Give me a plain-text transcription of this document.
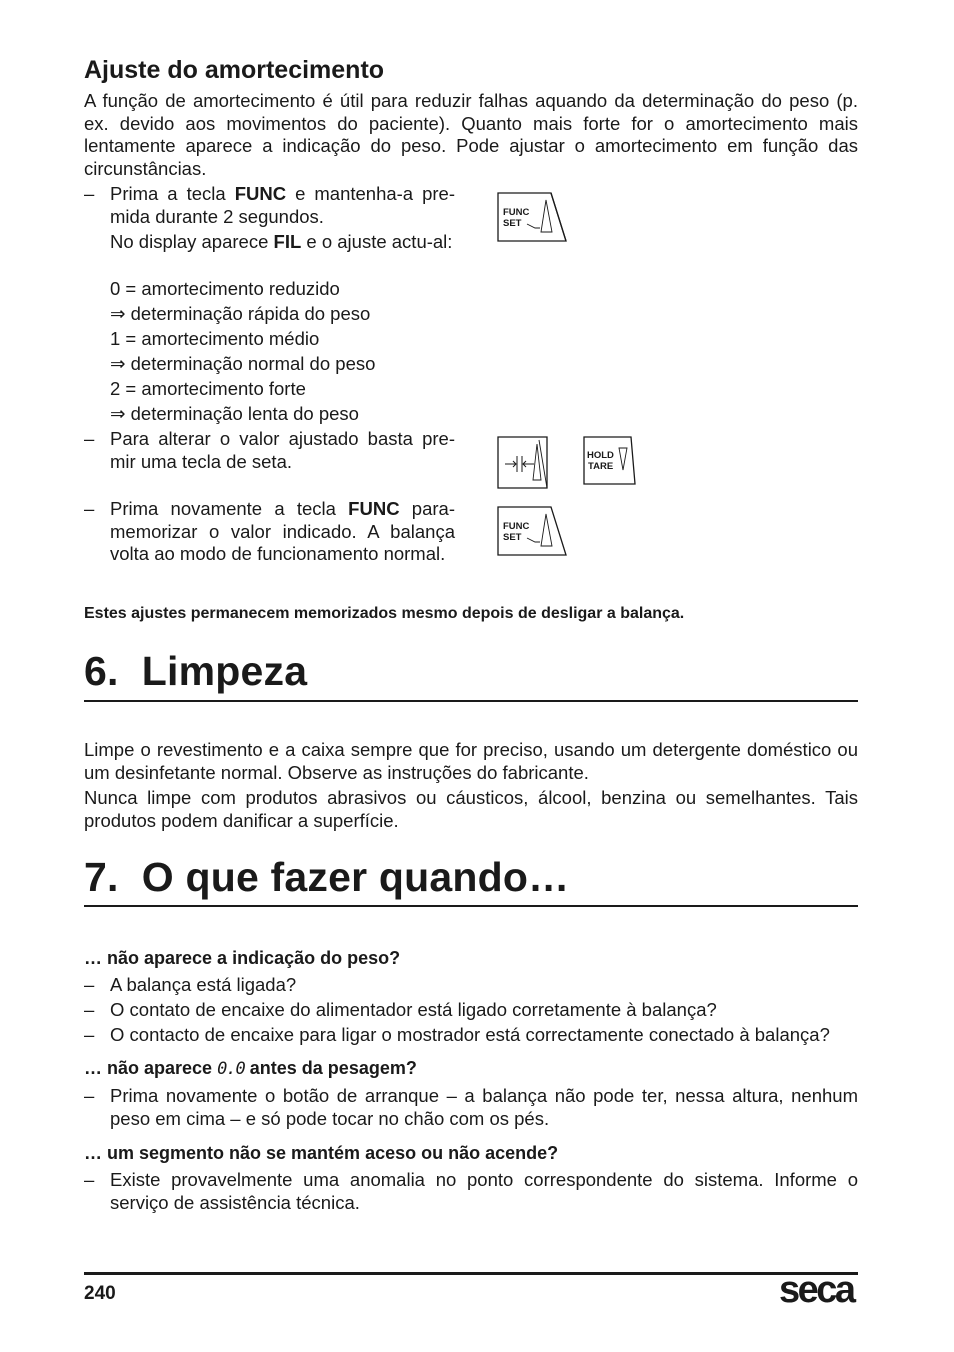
Ajuste do amortecimento
A função de amortecimento é útil para reduzir falhas aquando da determinação do peso (p. ex. devido aos movimentos do paciente). Quanto mais forte for o amortecimento mais lentamente aparece a indicação do peso. Pode ajustar o amortecimento em função das circunstâncias.
– Prima a tecla FUNC e mantenha-a pre-mida durante 2 segundos.
No display aparece FIL e o ajuste actu-al:
0 = amortecimento reduzido
⇒ determinação rápida do peso
1 = amortecimento médio
⇒ determinação normal do peso
2 = amortecimento forte
⇒ determinação lenta do peso
– Para alterar o valor ajustado basta pre-mir uma tecla de seta.
– Prima novamente a tecla FUNC para-memorizar o valor indicado. A balança volta ao modo de funcionamento normal.
FUNC
SET
HOLD
TARE
FUNC
SET
Estes ajustes permanecem memorizados mesmo depois de desligar a balança.
6.  Limpeza
Limpe o revestimento e a caixa sempre que for preciso, usando um detergente doméstico ou um desinfetante normal. Observe as instruções do fabricante.
Nunca limpe com produtos abrasivos ou cáusticos, álcool, benzina ou semelhantes. Tais produtos podem danificar a superfície.
7.  O que fazer quando…
… não aparece a indicação do peso?
– A balança está ligada?
– O contato de encaixe do alimentador está ligado corretamente à balança?
– O contacto de encaixe para ligar o mostrador está correctamente conectado à balança?
… não aparece 0.0 antes da pesagem?
– Prima novamente o botão de arranque – a balança não pode ter, nessa altura, nenhum peso em cima – e só pode tocar no chão com os pés.
… um segmento não se mantém aceso ou não acende?
– Existe provavelmente uma anomalia no ponto correspondente do sistema. Informe o serviço de assistência técnica.
240	seca
